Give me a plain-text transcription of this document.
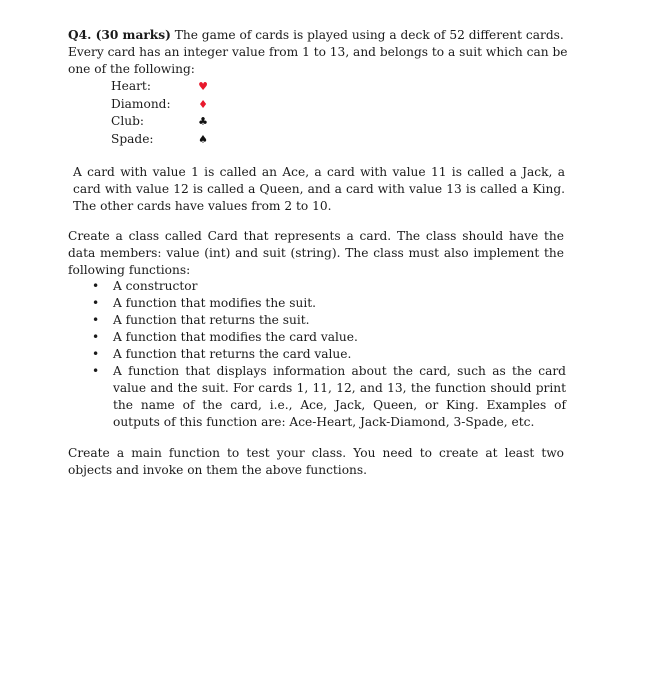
Q4. (30 marks) The game of cards is played using a deck of 52 different cards. Every card has an integer value from 1 to 13, and belongs to a suit which can be one of the following:
Heart:	♥
Diamond:	♦
Club:	♣
Spade:	♠
A card with value 1 is called an Ace, a card with value 11 is called a Jack, a card with value 12 is called a Queen, and a card with value 13 is called a King. The other cards have values from 2 to 10.
Create a class called Card that represents a card. The class should have the data members: value (int) and suit (string). The class must also implement the following functions:
• A constructor
• A function that modifies the suit.
• A function that returns the suit.
• A function that modifies the card value.
• A function that returns the card value.
• A function that displays information about the card, such as the card value and the suit. For cards 1, 11, 12, and 13, the function should print the name of the card, i.e., Ace, Jack, Queen, or King. Examples of outputs of this function are: Ace-Heart, Jack-Diamond, 3-Spade, etc.
Create a main function to test your class. You need to create at least two objects and invoke on them the above functions.
